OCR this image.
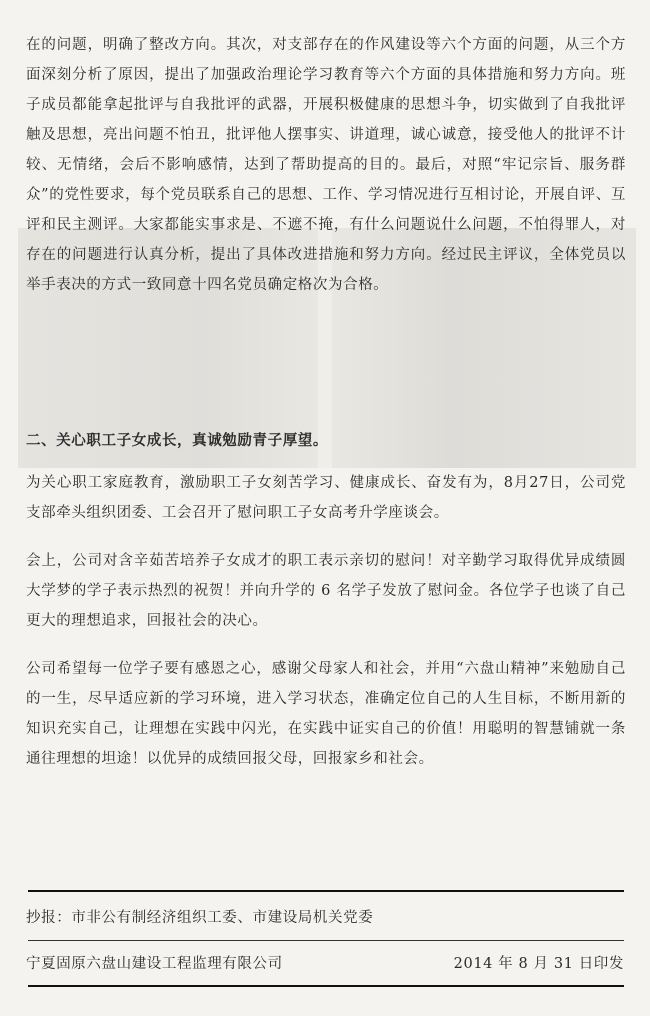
在的问题，明确了整改方向。其次，对支部存在的作风建设等六个方面的问题，从三个方面深刻分析了原因，提出了加强政治理论学习教育等六个方面的具体措施和努力方向。班子成员都能拿起批评与自我批评的武器，开展积极健康的思想斗争，切实做到了自我批评触及思想，亮出问题不怕丑，批评他人摆事实、讲道理，诚心诚意，接受他人的批评不计较、无情绪，会后不影响感情，达到了帮助提高的目的。最后，对照“牢记宗旨、服务群众”的党性要求，每个党员联系自己的思想、工作、学习情况进行互相讨论，开展自评、互评和民主测评。大家都能实事求是、不遮不掩，有什么问题说什么问题，不怕得罪人，对存在的问题进行认真分析，提出了具体改进措施和努力方向。经过民主评议，全体党员以举手表决的方式一致同意十四名党员确定格次为合格。

二、关心职工子女成长，真诚勉励青子厚望。

为关心职工家庭教育，激励职工子女刻苦学习、健康成长、奋发有为，8月27日，公司党支部牵头组织团委、工会召开了慰问职工子女高考升学座谈会。

会上，公司对含辛茹苦培养子女成才的职工表示亲切的慰问！对辛勤学习取得优异成绩圆大学梦的学子表示热烈的祝贺！并向升学的 6 名学子发放了慰问金。各位学子也谈了自己更大的理想追求，回报社会的决心。

公司希望每一位学子要有感恩之心，感谢父母家人和社会，并用“六盘山精神”来勉励自己的一生，尽早适应新的学习环境，进入学习状态，准确定位自己的人生目标，不断用新的知识充实自己，让理想在实践中闪光，在实践中证实自己的价值！用聪明的智慧铺就一条通往理想的坦途！以优异的成绩回报父母，回报家乡和社会。

抄报：市非公有制经济组织工委、市建设局机关党委
宁夏固原六盘山建设工程监理有限公司	2014 年 8 月 31 日印发
